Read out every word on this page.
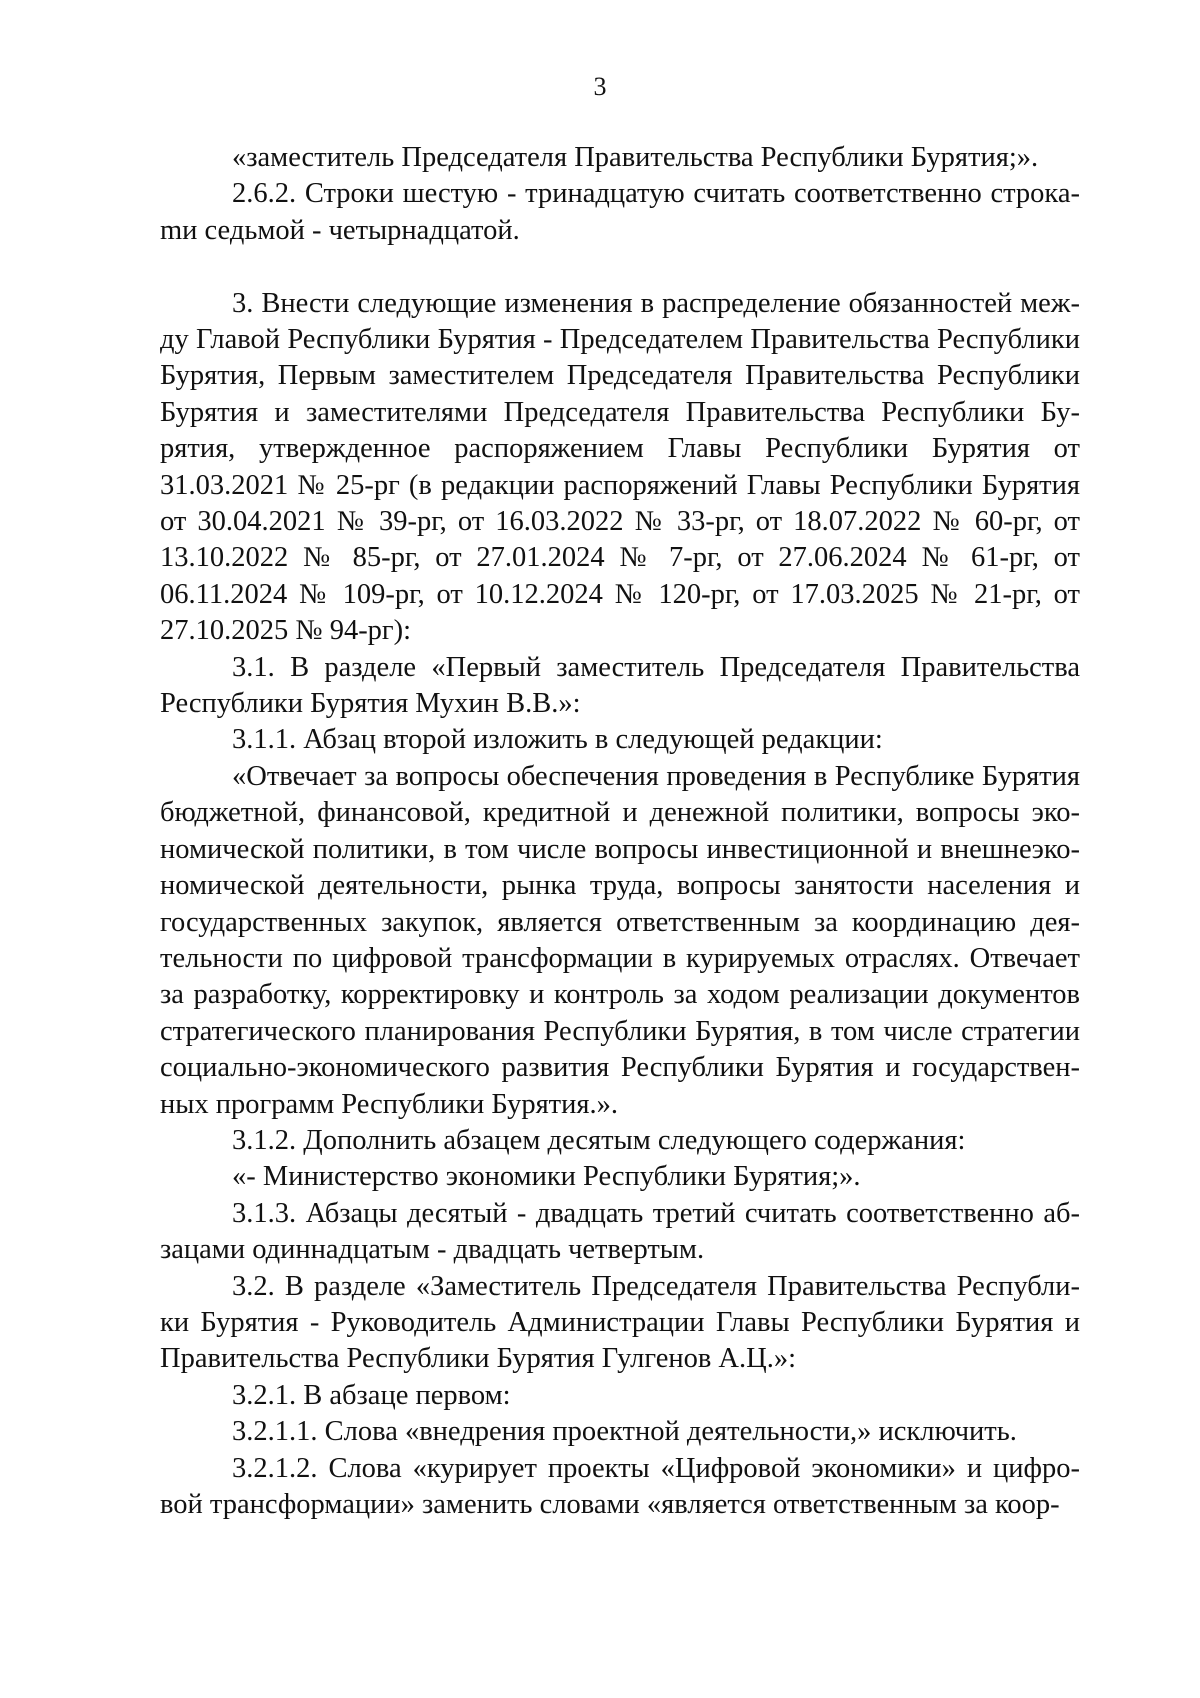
3

«заместитель Председателя Правительства Республики Бурятия;».

2.6.2. Строки шестую - тринадцатую считать соответственно строкаmи седьмой - четырнадцатой.

3. Внести следующие изменения в распределение обязанностей между Главой Республики Бурятия - Председателем Правительства Республики Бурятия, Первым заместителем Председателя Правительства Республики Бурятия и заместителями Председателя Правительства Республики Бурятия, утвержденное распоряжением Главы Республики Бурятия от 31.03.2021 № 25-рг (в редакции распоряжений Главы Республики Бурятия от 30.04.2021 № 39-рг, от 16.03.2022 № 33-рг, от 18.07.2022 № 60-рг, от 13.10.2022 № 85-рг, от 27.01.2024 № 7-рг, от 27.06.2024 № 61-рг, от 06.11.2024 № 109-рг, от 10.12.2024 № 120-рг, от 17.03.2025 № 21-рг, от 27.10.2025 № 94-рг):

3.1. В разделе «Первый заместитель Председателя Правительства Республики Бурятия Мухин В.В.»:

3.1.1. Абзац второй изложить в следующей редакции:

«Отвечает за вопросы обеспечения проведения в Республике Бурятия бюджетной, финансовой, кредитной и денежной политики, вопросы экономической политики, в том числе вопросы инвестиционной и внешнеэкономической деятельности, рынка труда, вопросы занятости населения и государственных закупок, является ответственным за координацию деятельности по цифровой трансформации в курируемых отраслях. Отвечает за разработку, корректировку и контроль за ходом реализации документов стратегического планирования Республики Бурятия, в том числе стратегии социально-экономического развития Республики Бурятия и государственных программ Республики Бурятия.».

3.1.2. Дополнить абзацем десятым следующего содержания:

«- Министерство экономики Республики Бурятия;».

3.1.3. Абзацы десятый - двадцать третий считать соответственно абзацами одиннадцатым - двадцать четвертым.

3.2. В разделе «Заместитель Председателя Правительства Республики Бурятия - Руководитель Администрации Главы Республики Бурятия и Правительства Республики Бурятия Гулгенов А.Ц.»:

3.2.1. В абзаце первом:

3.2.1.1. Слова «внедрения проектной деятельности,» исключить.

3.2.1.2. Слова «курирует проекты «Цифровой экономики» и цифровой трансформации» заменить словами «является ответственным за коор-
